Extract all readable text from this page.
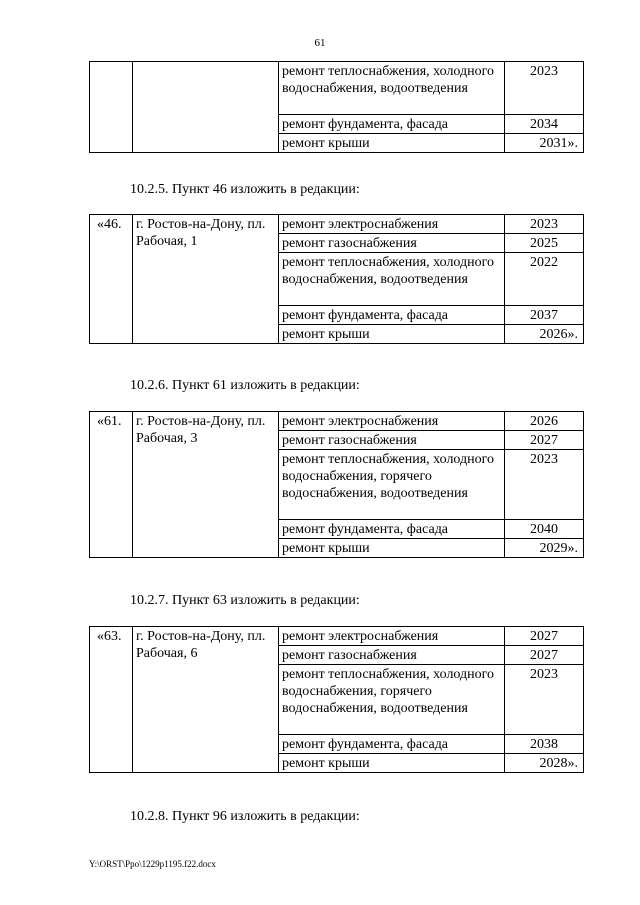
61
		ремонт теплоснабжения, холодного водоснабжения, водоотведения	2023
		ремонт фундамента, фасада	2034
		ремонт крыши	2031».
10.2.5. Пункт 46 изложить в редакции:
«46.	г. Ростов-на-Дону, пл. Рабочая, 1	ремонт электроснабжения	2023
		ремонт газоснабжения	2025
		ремонт теплоснабжения, холодного водоснабжения, водоотведения	2022
		ремонт фундамента, фасада	2037
		ремонт крыши	2026».
10.2.6. Пункт 61 изложить в редакции:
«61.	г. Ростов-на-Дону, пл. Рабочая, 3	ремонт электроснабжения	2026
		ремонт газоснабжения	2027
		ремонт теплоснабжения, холодного водоснабжения, горячего водоснабжения, водоотведения	2023
		ремонт фундамента, фасада	2040
		ремонт крыши	2029».
10.2.7. Пункт 63 изложить в редакции:
«63.	г. Ростов-на-Дону, пл. Рабочая, 6	ремонт электроснабжения	2027
		ремонт газоснабжения	2027
		ремонт теплоснабжения, холодного водоснабжения, горячего водоснабжения, водоотведения	2023
		ремонт фундамента, фасада	2038
		ремонт крыши	2028».
10.2.8. Пункт 96 изложить в редакции:
Y:\ORST\Ppo\1229p1195.f22.docx
